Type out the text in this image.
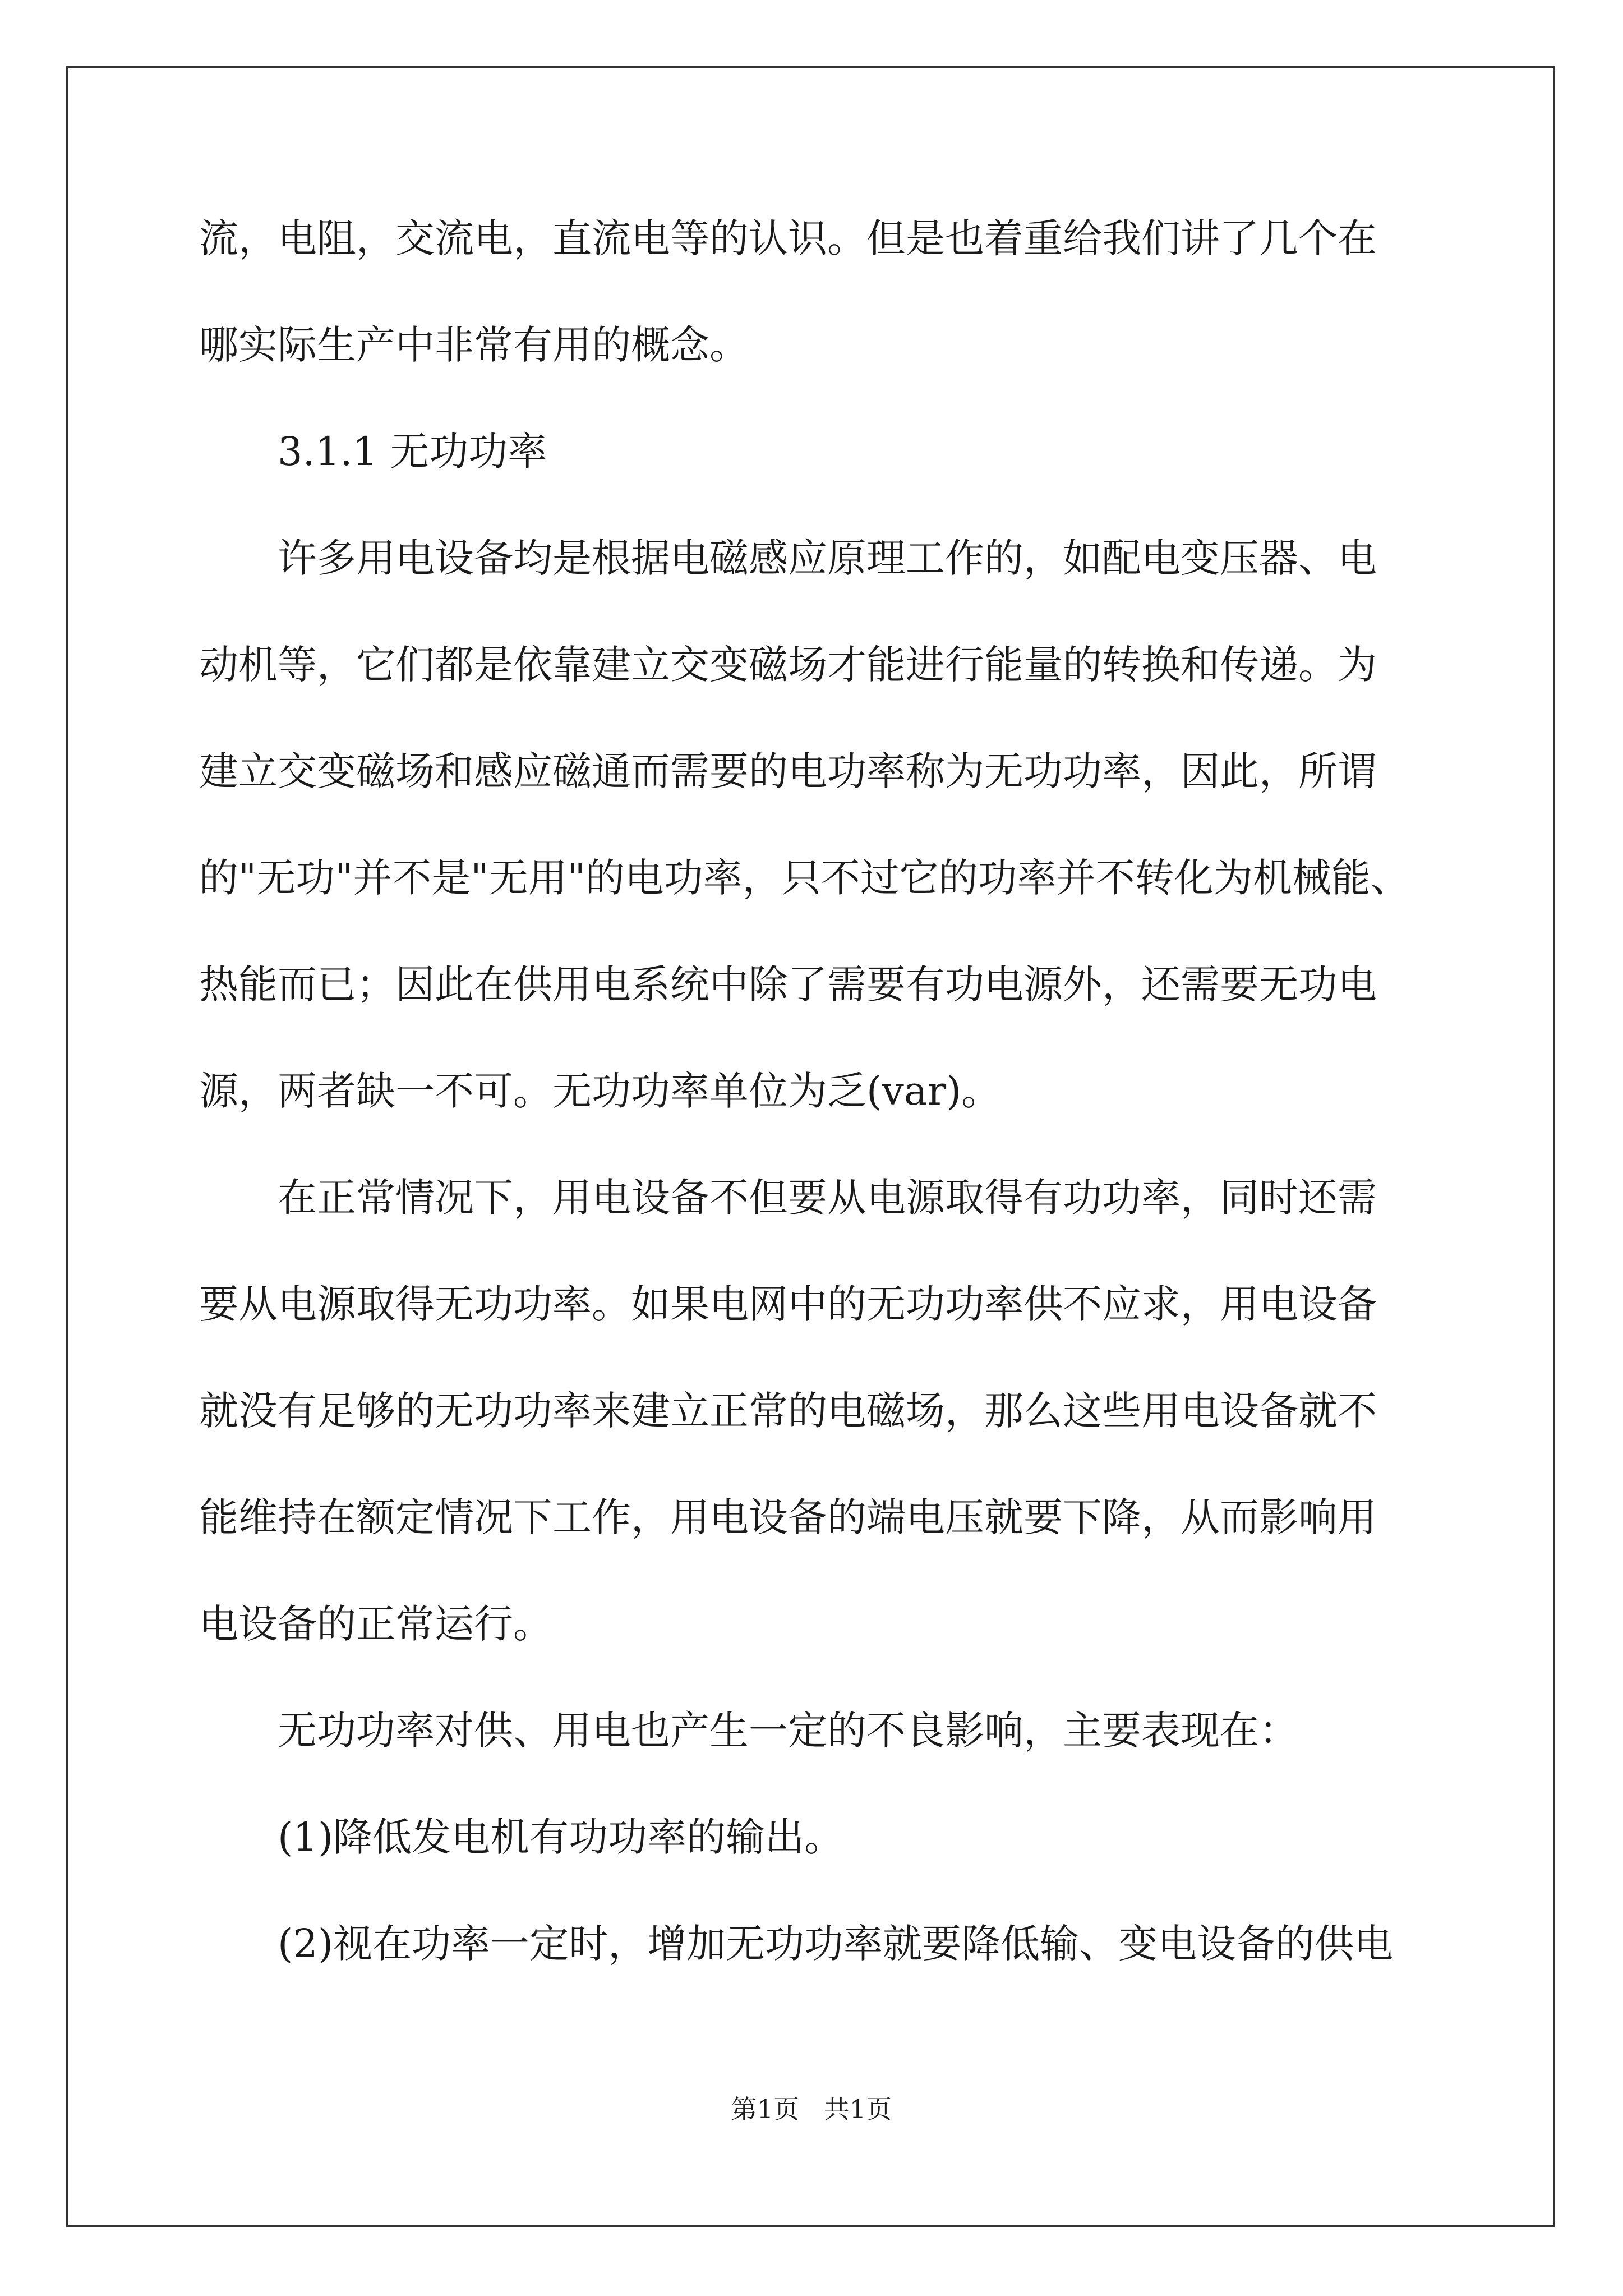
流，电阻，交流电，直流电等的认识。但是也着重给我们讲了几个在
哪实际生产中非常有用的概念。
3.1.1 无功功率
许多用电设备均是根据电磁感应原理工作的，如配电变压器、电
动机等，它们都是依靠建立交变磁场才能进行能量的转换和传递。为
建立交变磁场和感应磁通而需要的电功率称为无功功率，因此，所谓
的"无功"并不是"无用"的电功率，只不过它的功率并不转化为机械能、
热能而已；因此在供用电系统中除了需要有功电源外，还需要无功电
源，两者缺一不可。无功功率单位为乏(var)。
在正常情况下，用电设备不但要从电源取得有功功率，同时还需
要从电源取得无功功率。如果电网中的无功功率供不应求，用电设备
就没有足够的无功功率来建立正常的电磁场，那么这些用电设备就不
能维持在额定情况下工作，用电设备的端电压就要下降，从而影响用
电设备的正常运行。
无功功率对供、用电也产生一定的不良影响，主要表现在：
(1)降低发电机有功功率的输出。
(2)视在功率一定时，增加无功功率就要降低输、变电设备的供电
第1页   共1页
